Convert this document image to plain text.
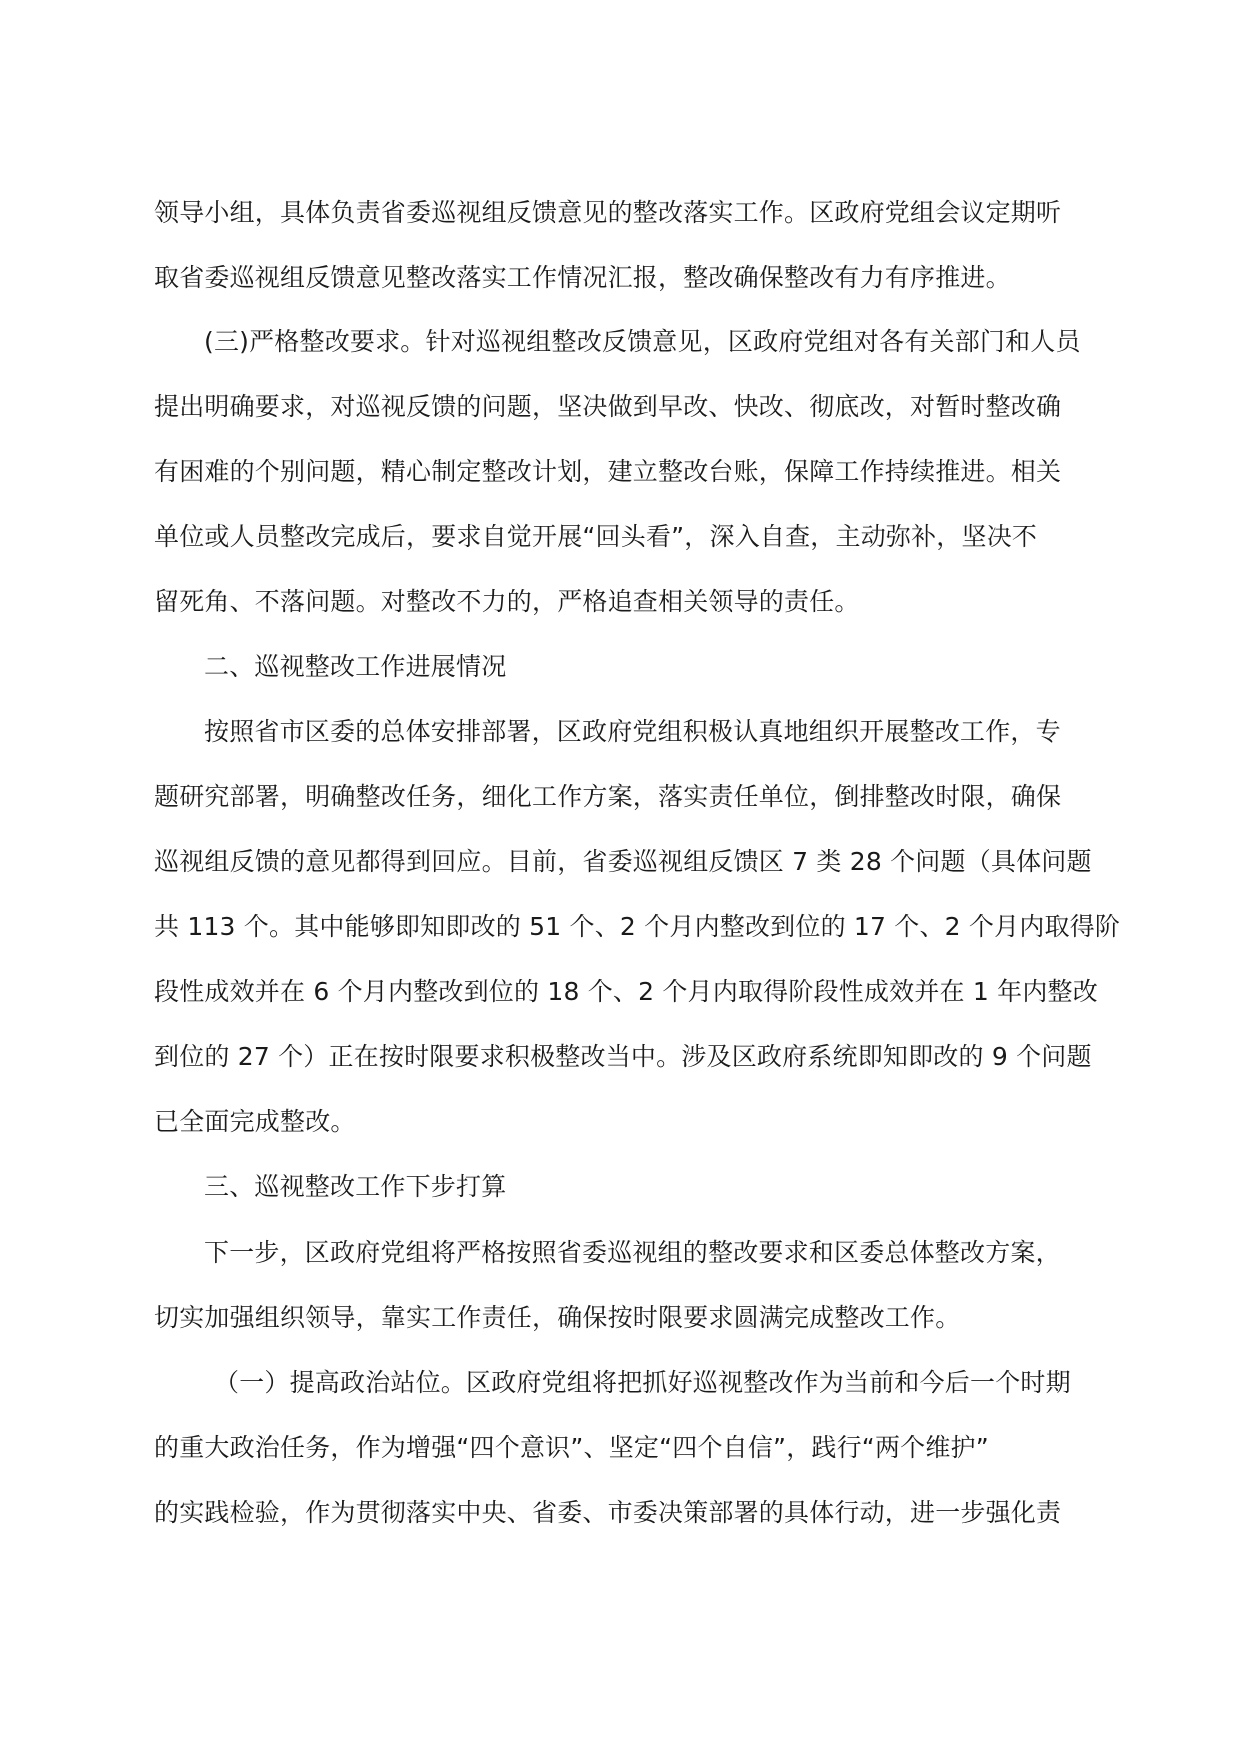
领导小组，具体负责省委巡视组反馈意见的整改落实工作。区政府党组会议定期听
取省委巡视组反馈意见整改落实工作情况汇报，整改确保整改有力有序推进。
(三)严格整改要求。针对巡视组整改反馈意见，区政府党组对各有关部门和人员
提出明确要求，对巡视反馈的问题，坚决做到早改、快改、彻底改，对暂时整改确
有困难的个别问题，精心制定整改计划，建立整改台账，保障工作持续推进。相关
单位或人员整改完成后，要求自觉开展“回头看”，深入自查，主动弥补，坚决不
留死角、不落问题。对整改不力的，严格追查相关领导的责任。
二、巡视整改工作进展情况
按照省市区委的总体安排部署，区政府党组积极认真地组织开展整改工作，专
题研究部署，明确整改任务，细化工作方案，落实责任单位，倒排整改时限，确保
巡视组反馈的意见都得到回应。目前，省委巡视组反馈区 7 类 28 个问题（具体问题
共 113 个。其中能够即知即改的 51 个、2 个月内整改到位的 17 个、2 个月内取得阶
段性成效并在 6 个月内整改到位的 18 个、2 个月内取得阶段性成效并在 1 年内整改
到位的 27 个）正在按时限要求积极整改当中。涉及区政府系统即知即改的 9 个问题
已全面完成整改。
三、巡视整改工作下步打算
下一步，区政府党组将严格按照省委巡视组的整改要求和区委总体整改方案，
切实加强组织领导，靠实工作责任，确保按时限要求圆满完成整改工作。
（一）提高政治站位。区政府党组将把抓好巡视整改作为当前和今后一个时期
的重大政治任务，作为增强“四个意识”、坚定“四个自信”，践行“两个维护”
的实践检验，作为贯彻落实中央、省委、市委决策部署的具体行动，进一步强化责
